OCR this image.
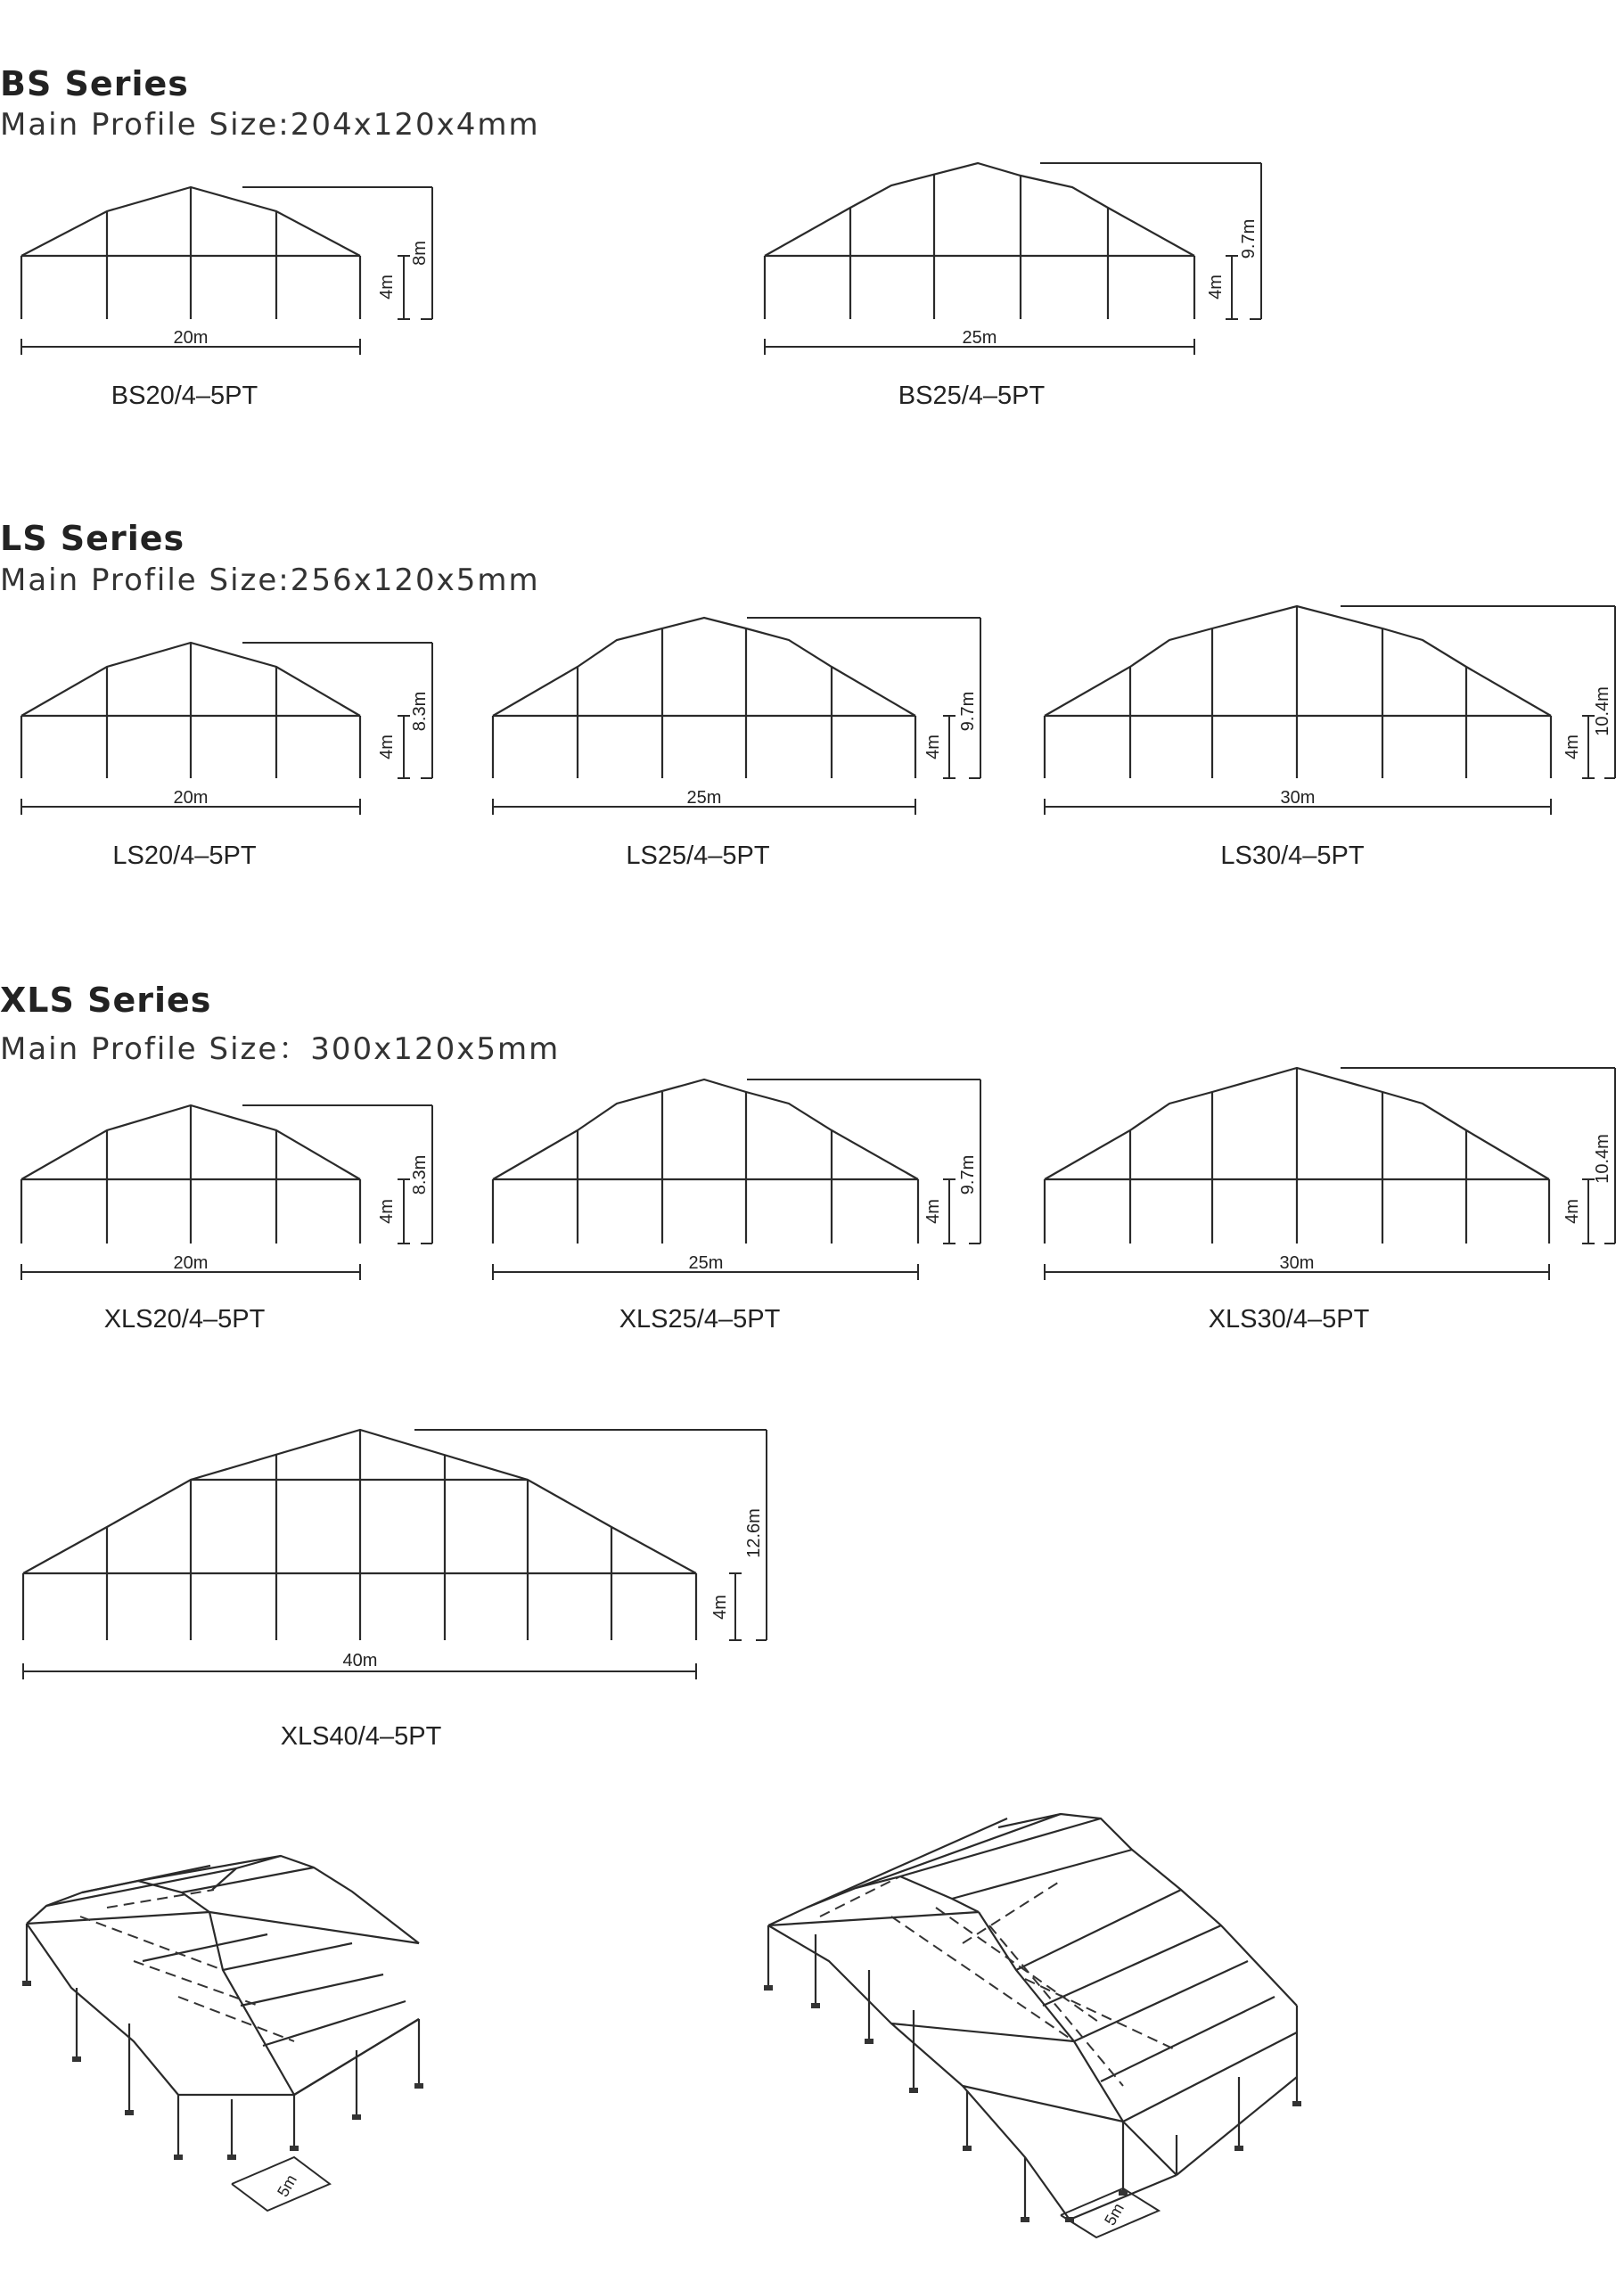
BS Series
Main Profile Size:204x120x4mm
LS Series
Main Profile Size:256x120x5mm
XLS Series
Main Profile Size：300x120x5mm
BS20/4–5PT	BS25/4–5PT
LS20/4–5PT	LS25/4–5PT	LS30/4–5PT
XLS20/4–5PT	XLS25/4–5PT	XLS30/4–5PT
XLS40/4–5PT
20m
4m
8m
25m
4m
9.7m
20m
4m
8.3m
25m
4m
9.7m
30m
4m
10.4m
20m
4m
8.3m
25m
4m
9.7m
30m
4m
10.4m
40m
4m
12.6m
5m
5m
